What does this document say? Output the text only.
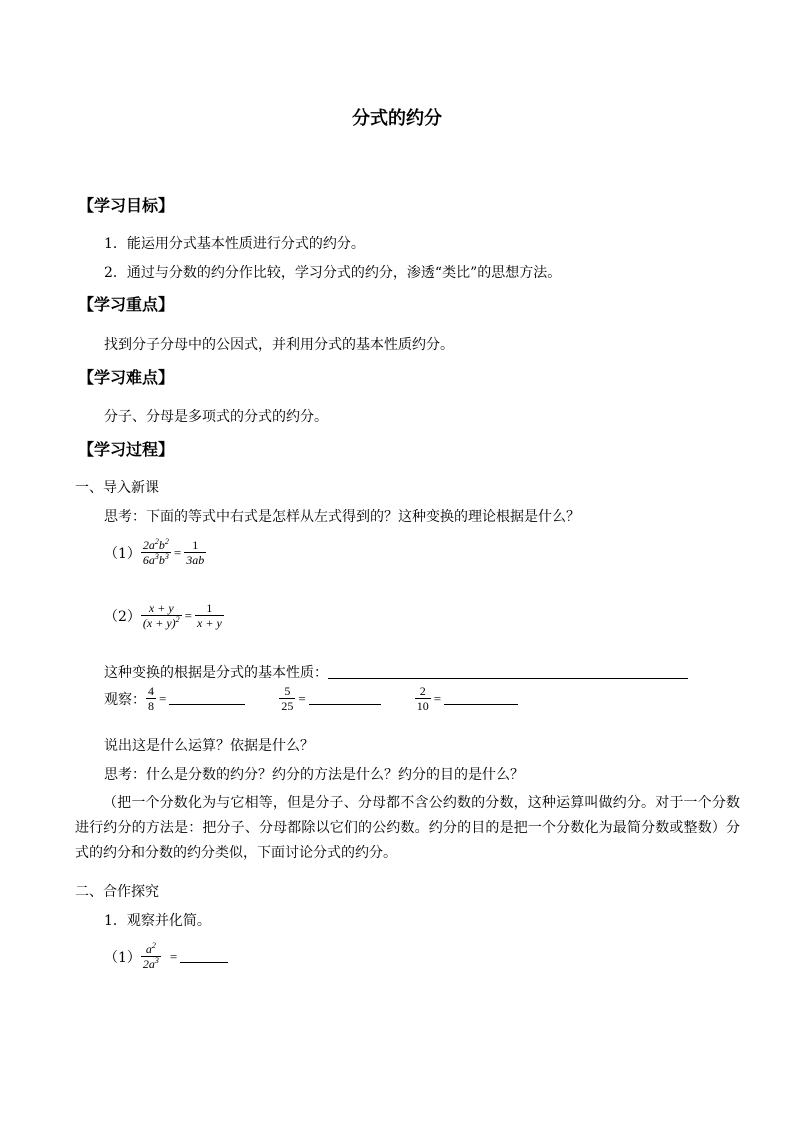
分式的约分
【学习目标】
1．能运用分式基本性质进行分式的约分。
2．通过与分数的约分作比较，学习分式的约分，渗透“类比”的思想方法。
【学习重点】
找到分子分母中的公因式，并利用分式的基本性质约分。
【学习难点】
分子、分母是多项式的分式的约分。
【学习过程】
一、导入新课
思考：下面的等式中右式是怎样从左式得到的？这种变换的理论根据是什么？
$(1) \frac{2a^2b^2}{6a^3b^3} = \frac{1}{3ab}$
$(2) \frac{x + y}{(x + y)^2} = \frac{1}{x + y}$
这种变换的根据是分式的基本性质：
观察： $\frac{4}{8}$ =	$\frac{5}{25}$ =	$\frac{2}{10}$ =
说出这是什么运算？依据是什么？
思考：什么是分数的约分？约分的方法是什么？约分的目的是什么？
（把一个分数化为与它相等，但是分子、分母都不含公约数的分数，这种运算叫做约分。对于一个分数进行约分的方法是：把分子、分母都除以它们的公约数。约分的目的是把一个分数化为最简分数或整数）分式的约分和分数的约分类似，下面讨论分式的约分。
二、合作探究
1．观察并化简。
$(1) \frac{a^2}{2a^3}$ =
